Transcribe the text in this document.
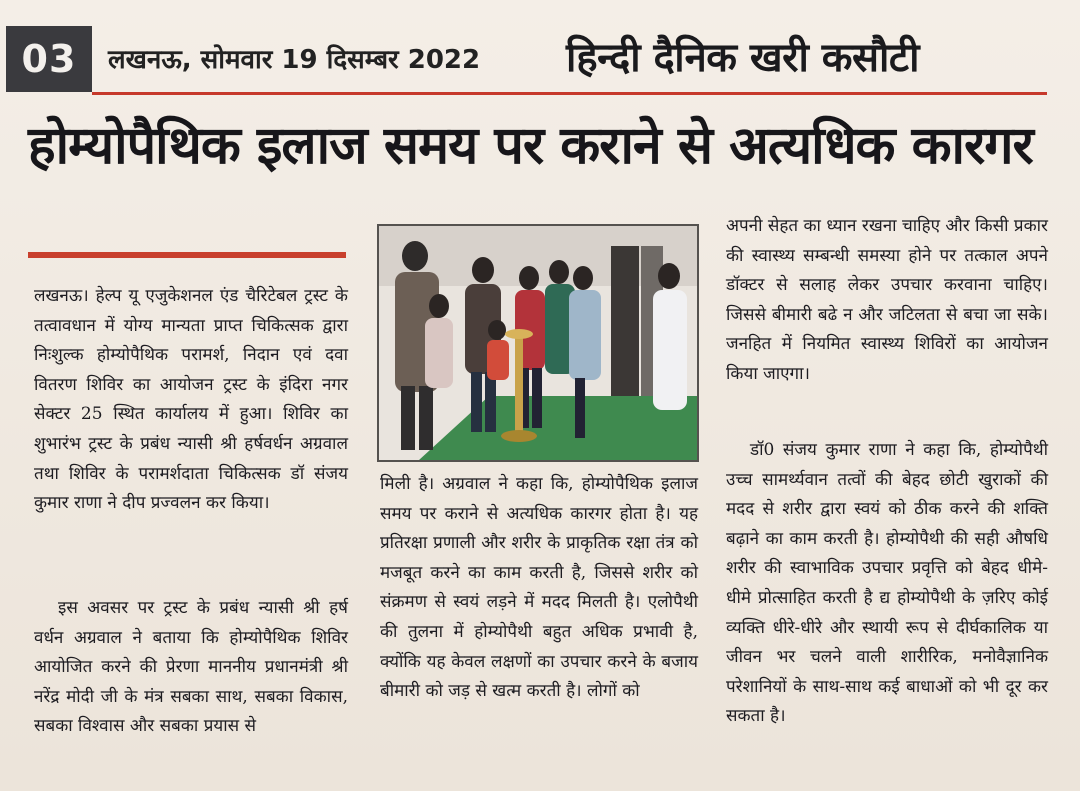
03	लखनऊ, सोमवार 19 दिसम्बर 2022 हिन्दी दैनिक खरी कसौटी
होम्योपैथिक इलाज समय पर कराने से अत्यधिक कारगर

लखनऊ। हेल्प यू एजुकेशनल एंड चैरिटेबल ट्रस्ट के तत्वावधान में योग्य मान्यता प्राप्त चिकित्सक द्वारा निःशुल्क होम्योपैथिक परामर्श, निदान एवं दवा वितरण शिविर का आयोजन ट्रस्ट के इंदिरा नगर सेक्टर 25 स्थित कार्यालय में हुआ। शिविर का शुभारंभ ट्रस्ट के प्रबंध न्यासी श्री हर्षवर्धन अग्रवाल तथा शिविर के परामर्शदाता चिकित्सक डॉ संजय कुमार राणा ने दीप प्रज्वलन कर किया।

इस अवसर पर ट्रस्ट के प्रबंध न्यासी श्री हर्ष वर्धन अग्रवाल ने बताया कि होम्योपैथिक शिविर आयोजित करने की प्रेरणा माननीय प्रधानमंत्री श्री नरेंद्र मोदी जी के मंत्र सबका साथ, सबका विकास, सबका विश्वास और सबका प्रयास से

मिली है। अग्रवाल ने कहा कि, होम्योपैथिक इलाज समय पर कराने से अत्यधिक कारगर होता है। यह प्रतिरक्षा प्रणाली और शरीर के प्राकृतिक रक्षा तंत्र को मजबूत करने का काम करती है, जिससे शरीर को संक्रमण से स्वयं लड़ने में मदद मिलती है। एलोपैथी की तुलना में होम्योपैथी बहुत अधिक प्रभावी है, क्योंकि यह केवल लक्षणों का उपचार करने के बजाय बीमारी को जड़ से खत्म करती है। लोगों को

अपनी सेहत का ध्यान रखना चाहिए और किसी प्रकार की स्वास्थ्य सम्बन्धी समस्या होने पर तत्काल अपने डॉक्टर से सलाह लेकर उपचार करवाना चाहिए। जिससे बीमारी बढे न और जटिलता से बचा जा सके। जनहित में नियमित स्वास्थ्य शिविरों का आयोजन किया जाएगा।

डॉ0 संजय कुमार राणा ने कहा कि, होम्योपैथी उच्च सामर्थ्यवान तत्वों की बेहद छोटी खुराकों की मदद से शरीर द्वारा स्वयं को ठीक करने की शक्ति बढ़ाने का काम करती है। होम्योपैथी की सही औषधि शरीर की स्वाभाविक उपचार प्रवृत्ति को बेहद धीमे-धीमे प्रोत्साहित करती है द्य होम्योपैथी के ज़रिए कोई व्यक्ति धीरे-धीरे और स्थायी रूप से दीर्घकालिक या जीवन भर चलने वाली शारीरिक, मनोवैज्ञानिक परेशानियों के साथ-साथ कई बाधाओं को भी दूर कर सकता है।
